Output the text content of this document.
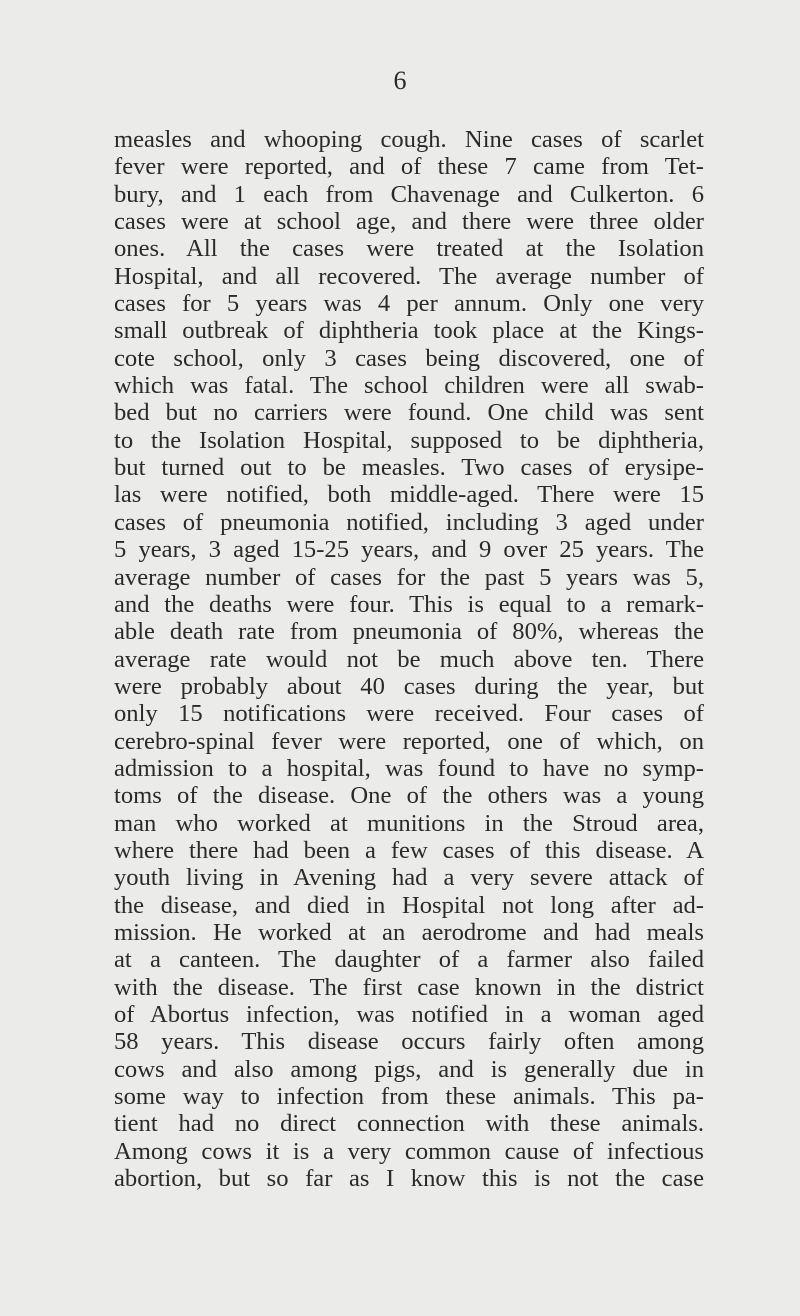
6
measles and whooping cough. Nine cases of scarlet
fever were reported, and of these 7 came from Tet-
bury, and 1 each from Chavenage and Culkerton. 6
cases were at school age, and there were three older
ones. All the cases were treated at the Isolation
Hospital, and all recovered. The average number of
cases for 5 years was 4 per annum. Only one very
small outbreak of diphtheria took place at the Kings-
cote school, only 3 cases being discovered, one of
which was fatal. The school children were all swab-
bed but no carriers were found. One child was sent
to the Isolation Hospital, supposed to be diphtheria,
but turned out to be measles. Two cases of erysipe-
las were notified, both middle-aged. There were 15
cases of pneumonia notified, including 3 aged under
5 years, 3 aged 15-25 years, and 9 over 25 years. The
average number of cases for the past 5 years was 5,
and the deaths were four. This is equal to a remark-
able death rate from pneumonia of 80%, whereas the
average rate would not be much above ten. There
were probably about 40 cases during the year, but
only 15 notifications were received. Four cases of
cerebro-spinal fever were reported, one of which, on
admission to a hospital, was found to have no symp-
toms of the disease. One of the others was a young
man who worked at munitions in the Stroud area,
where there had been a few cases of this disease. A
youth living in Avening had a very severe attack of
the disease, and died in Hospital not long after ad-
mission. He worked at an aerodrome and had meals
at a canteen. The daughter of a farmer also failed
with the disease. The first case known in the district
of Abortus infection, was notified in a woman aged
58 years. This disease occurs fairly often among
cows and also among pigs, and is generally due in
some way to infection from these animals. This pa-
tient had no direct connection with these animals.
Among cows it is a very common cause of infectious
abortion, but so far as I know this is not the case
